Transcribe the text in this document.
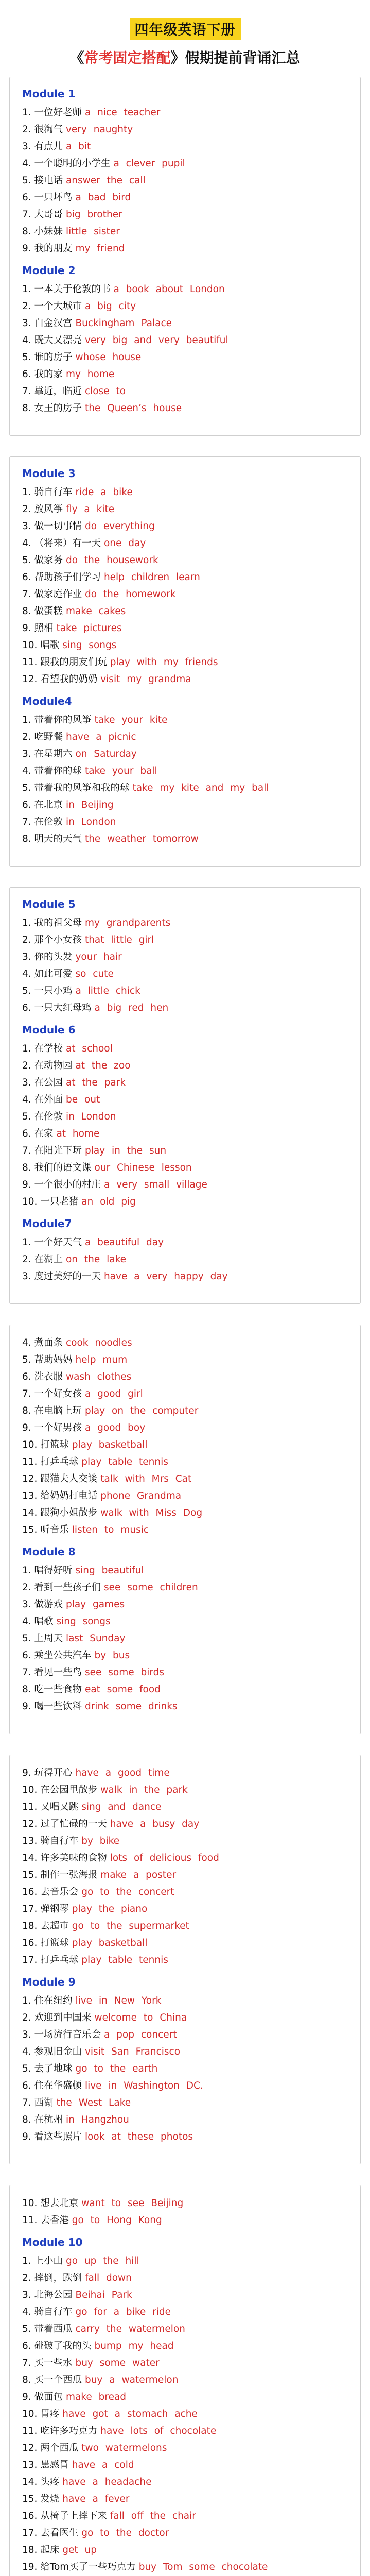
四年级英语下册
《常考固定搭配》假期提前背诵汇总
Module 1
1. 一位好老师 a nice teacher
2. 很淘气 very naughty
3. 有点儿 a bit
4. 一个聪明的小学生 a clever pupil
5. 接电话 answer the call
6. 一只坏鸟 a bad bird
7. 大哥哥 big brother
8. 小妹妹 little sister
9. 我的朋友 my friend
Module 2
1. 一本关于伦敦的书 a book about London
2. 一个大城市 a big city
3. 白金汉宫 Buckingham Palace
4. 既大又漂亮 very big and very beautiful
5. 谁的房子 whose house
6. 我的家 my home
7. 靠近，临近 close to
8. 女王的房子 the Queen’s house
Module 3
1. 骑自行车 ride a bike
2. 放风筝 fly a kite
3. 做一切事情 do everything
4. （将来）有一天 one day
5. 做家务 do the housework
6. 帮助孩子们学习 help children learn
7. 做家庭作业 do the homework
8. 做蛋糕 make cakes
9. 照相 take pictures
10. 唱歌 sing songs
11. 跟我的朋友们玩 play with my friends
12. 看望我的奶奶 visit my grandma
Module4
1. 带着你的风筝 take your kite
2. 吃野餐 have a picnic
3. 在星期六 on Saturday
4. 带着你的球 take your ball
5. 带着我的风筝和我的球 take my kite and my ball
6. 在北京 in Beijing
7. 在伦敦 in London
8. 明天的天气 the weather tomorrow
Module 5
1. 我的祖父母 my grandparents
2. 那个小女孩 that little girl
3. 你的头发 your hair
4. 如此可爱 so cute
5. 一只小鸡 a little chick
6. 一只大红母鸡 a big red hen
Module 6
1. 在学校 at school
2. 在动物园 at the zoo
3. 在公园 at the park
4. 在外面 be out
5. 在伦敦 in London
6. 在家 at home
7. 在阳光下玩 play in the sun
8. 我们的语文课 our Chinese lesson
9. 一个很小的村庄 a very small village
10. 一只老猪 an old pig
Module7
1. 一个好天气 a beautiful day
2. 在湖上 on the lake
3. 度过美好的一天 have a very happy day
4. 煮面条 cook noodles
5. 帮助妈妈 help mum
6. 洗衣服 wash clothes
7. 一个好女孩 a good girl
8. 在电脑上玩 play on the computer
9. 一个好男孩 a good boy
10. 打篮球 play basketball
11. 打乒乓球 play table tennis
12. 跟猫夫人交谈 talk with Mrs Cat
13. 给奶奶打电话 phone Grandma
14. 跟狗小姐散步 walk with Miss Dog
15. 听音乐 listen to music
Module 8
1. 唱得好听 sing beautiful
2. 看到一些孩子们 see some children
3. 做游戏 play games
4. 唱歌 sing songs
5. 上周天 last Sunday
6. 乘坐公共汽车 by bus
7. 看见一些鸟 see some birds
8. 吃一些食物 eat some food
9. 喝一些饮料 drink some drinks
9. 玩得开心 have a good time
10. 在公园里散步 walk in the park
11. 又唱又跳 sing and dance
12. 过了忙碌的一天 have a busy day
13. 骑自行车 by bike
14. 许多美味的食物 lots of delicious food
15. 制作一张海报 make a poster
16. 去音乐会 go to the concert
17. 弹钢琴 play the piano
18. 去超市 go to the supermarket
16. 打篮球 play basketball
17. 打乒乓球 play table tennis
Module 9
1. 住在纽约 live in New York
2. 欢迎到中国来 welcome to China
3. 一场流行音乐会 a pop concert
4. 参观旧金山 visit San Francisco
5. 去了地球 go to the earth
6. 住在华盛顿 live in Washington DC.
7. 西湖 the West Lake
8. 在杭州 in Hangzhou
9. 看这些照片 look at these photos
10. 想去北京 want to see Beijing
11. 去香港 go to Hong Kong
Module 10
1. 上小山 go up the hill
2. 摔倒，跌倒 fall down
3. 北海公园 Beihai Park
4. 骑自行车 go for a bike ride
5. 带着西瓜 carry the watermelon
6. 碰破了我的头 bump my head
7. 买一些水 buy some water
8. 买一个西瓜 buy a watermelon
9. 做面包 make bread
10. 胃疼 have got a stomach ache
11. 吃许多巧克力 have lots of chocolate
12. 两个西瓜 two watermelons
13. 患感冒 have a cold
14. 头疼 have a headache
15. 发烧 have a fever
16. 从椅子上摔下来 fall off the chair
17. 去看医生 go to the doctor
18. 起床 get up
19. 给Tom买了一些巧克力 buy Tom some chocolate
